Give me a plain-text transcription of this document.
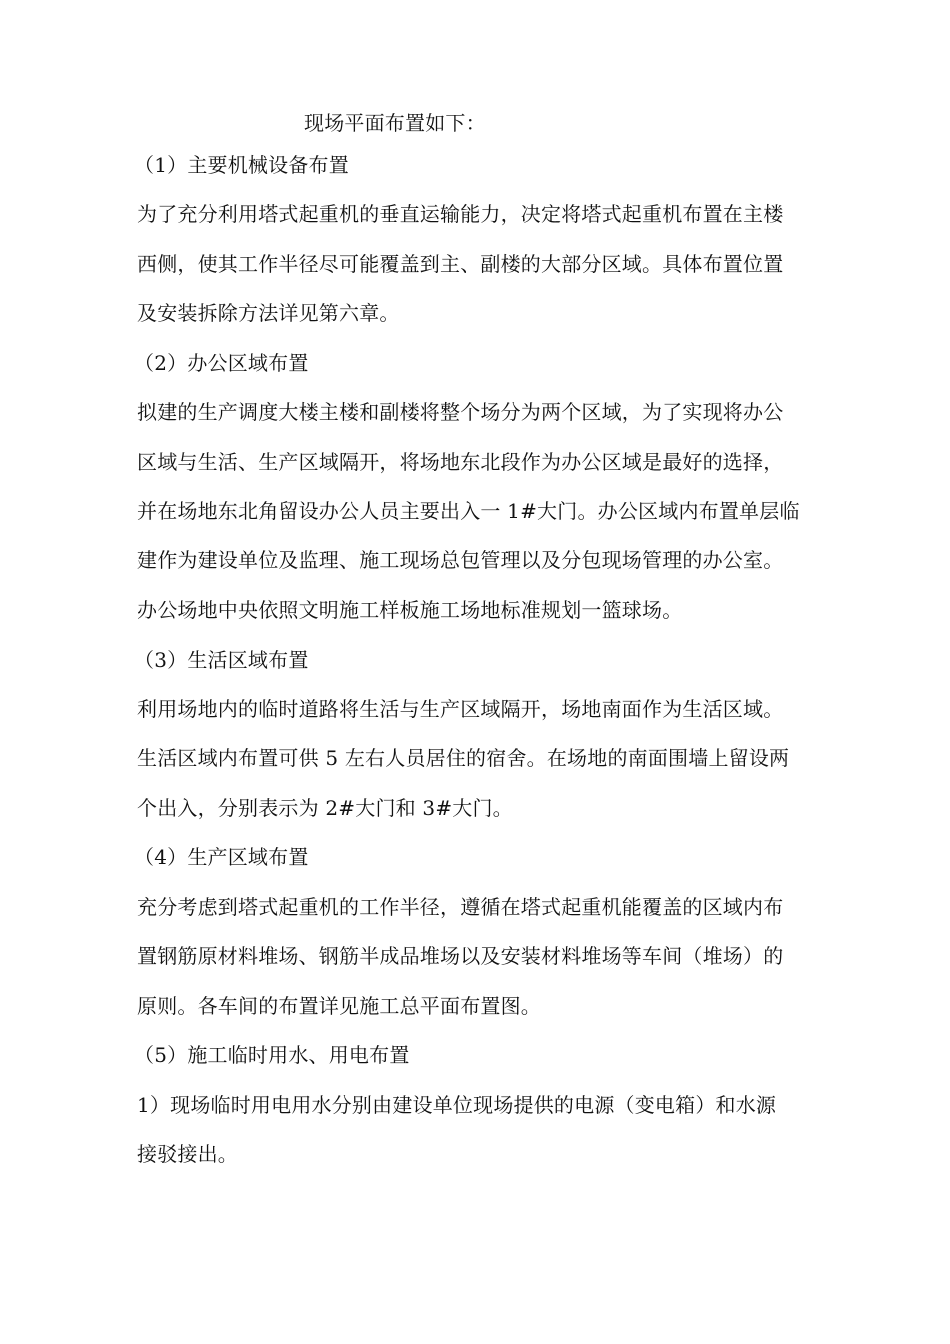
现场平面布置如下：
（1）主要机械设备布置
为了充分利用塔式起重机的垂直运输能力，决定将塔式起重机布置在主楼
西侧，使其工作半径尽可能覆盖到主、副楼的大部分区域。具体布置位置
及安装拆除方法详见第六章。
（2）办公区域布置
拟建的生产调度大楼主楼和副楼将整个场分为两个区域，为了实现将办公
区域与生活、生产区域隔开，将场地东北段作为办公区域是最好的选择，
并在场地东北角留设办公人员主要出入一 1#大门。办公区域内布置单层临
建作为建设单位及监理、施工现场总包管理以及分包现场管理的办公室。
办公场地中央依照文明施工样板施工场地标准规划一篮球场。
（3）生活区域布置
利用场地内的临时道路将生活与生产区域隔开，场地南面作为生活区域。
生活区域内布置可供 5 左右人员居住的宿舍。在场地的南面围墙上留设两
个出入，分别表示为 2#大门和 3#大门。
（4）生产区域布置
充分考虑到塔式起重机的工作半径，遵循在塔式起重机能覆盖的区域内布
置钢筋原材料堆场、钢筋半成品堆场以及安装材料堆场等车间（堆场）的
原则。各车间的布置详见施工总平面布置图。
（5）施工临时用水、用电布置
1）现场临时用电用水分别由建设单位现场提供的电源（变电箱）和水源
接驳接出。
